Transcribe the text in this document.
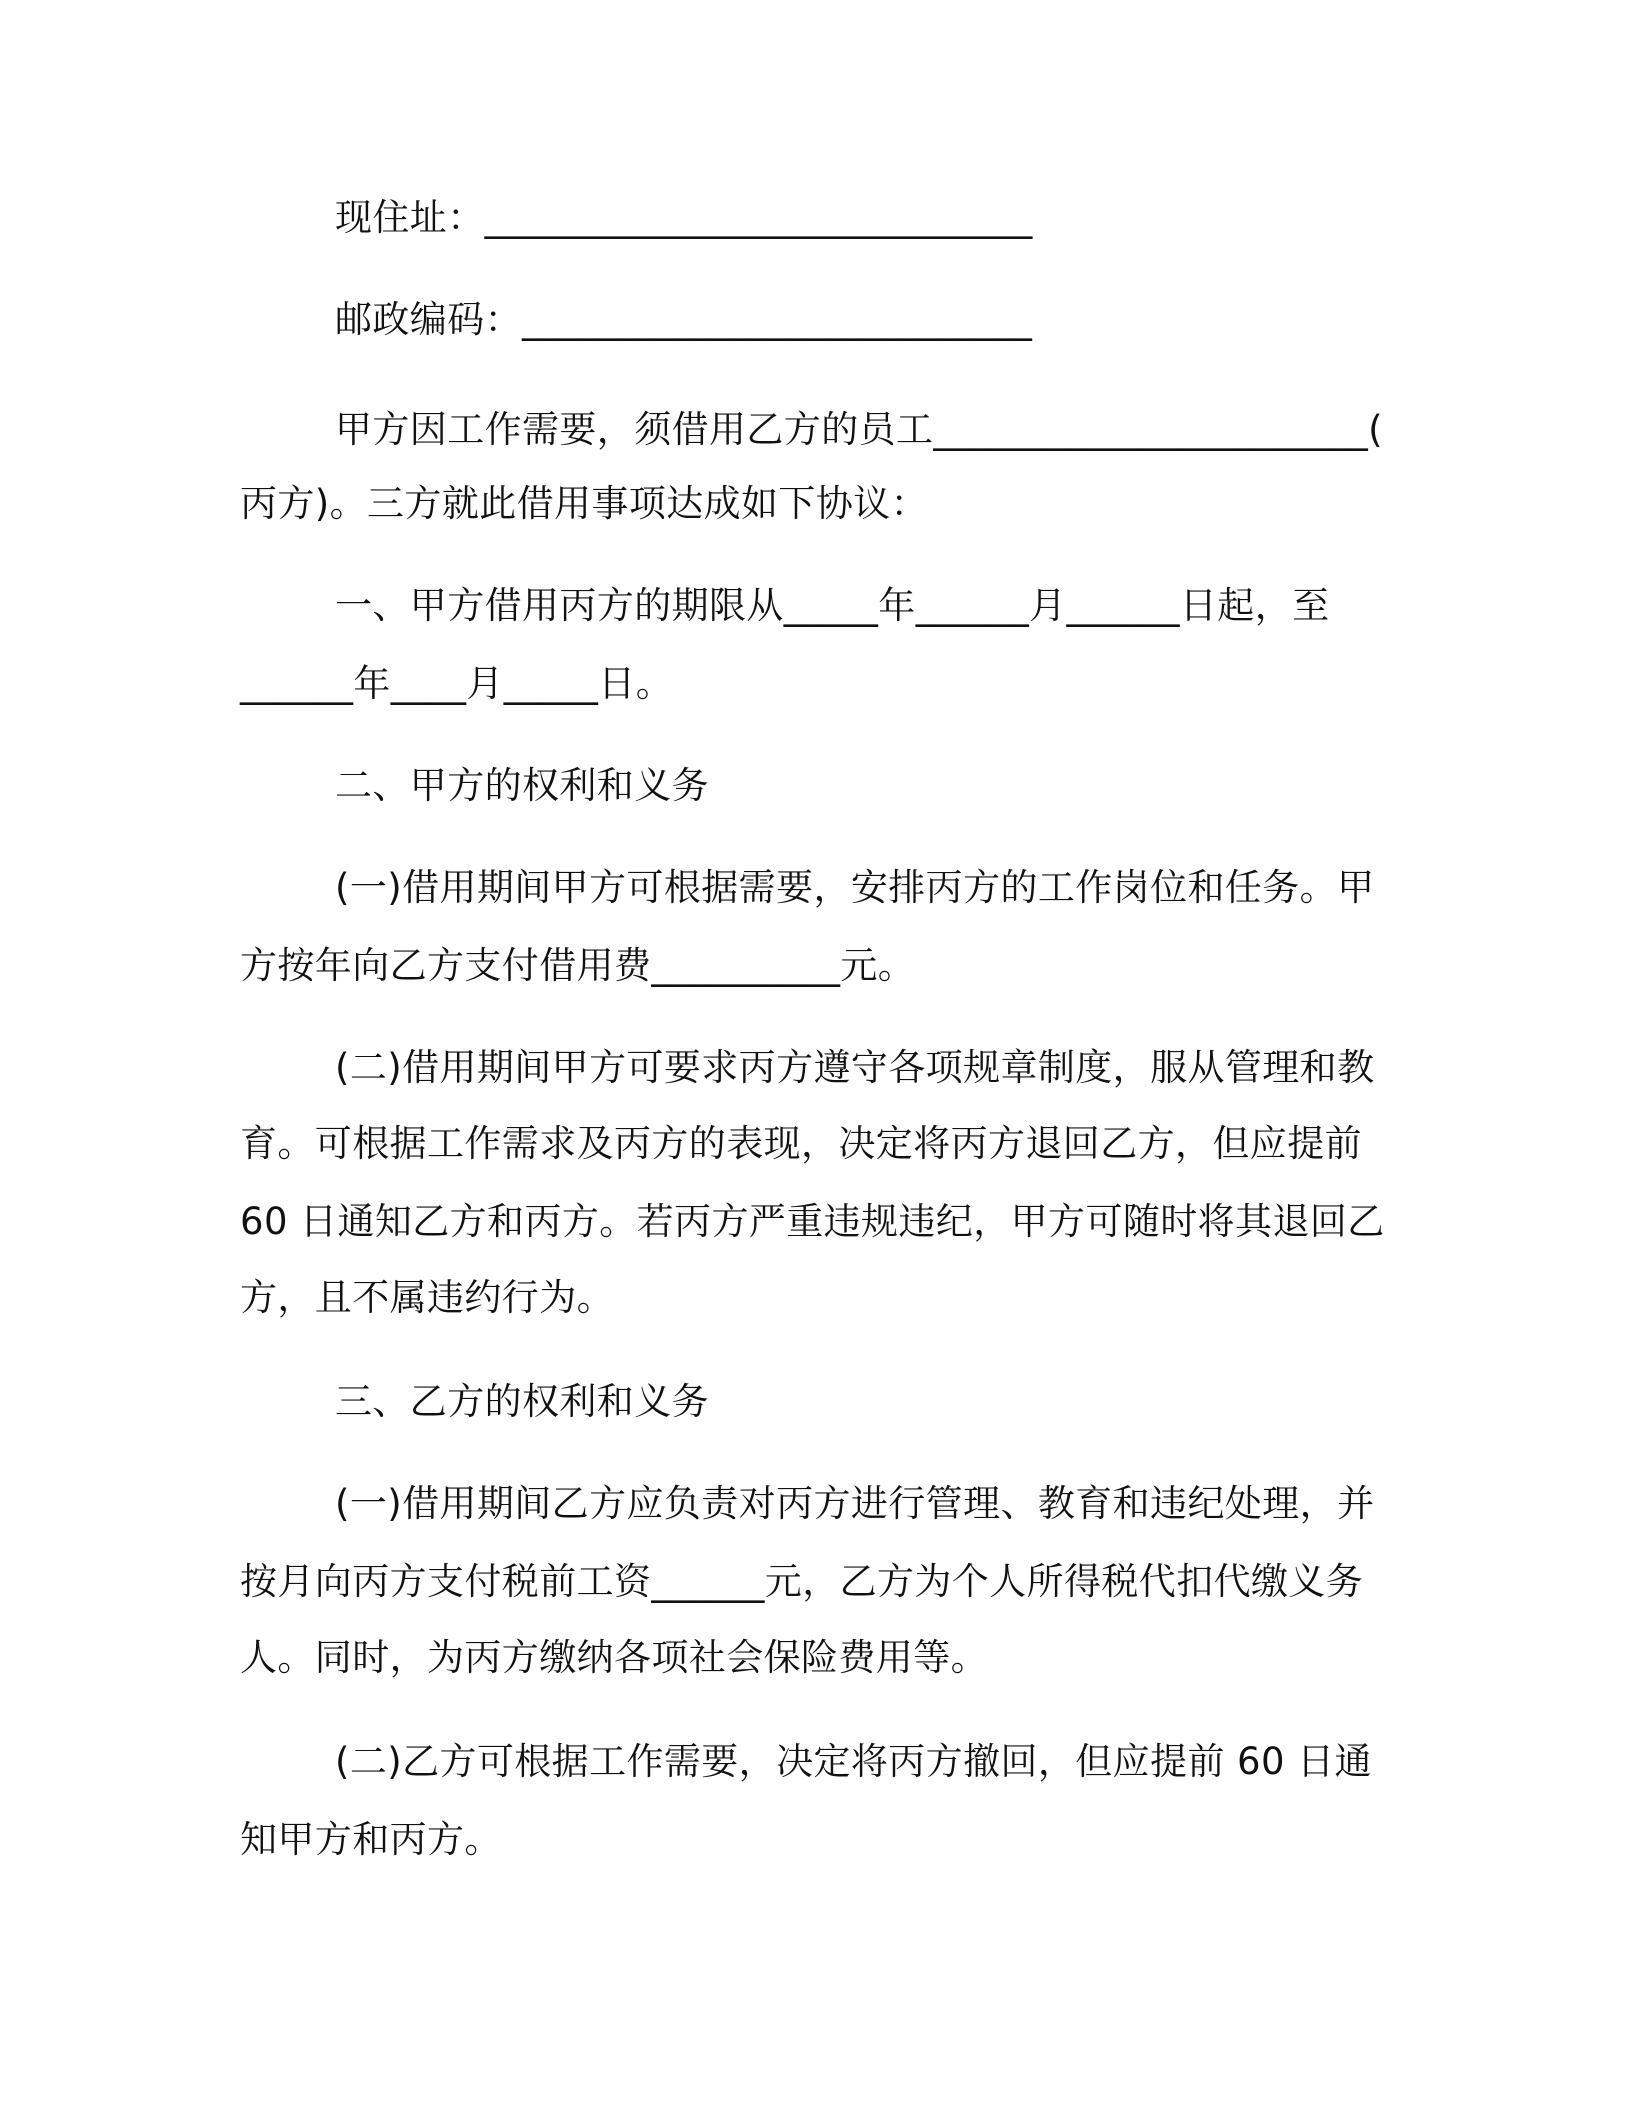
现住址：_____________________________
邮政编码：___________________________
甲方因工作需要，须借用乙方的员工_______________________(
丙方)。三方就此借用事项达成如下协议：
一、甲方借用丙方的期限从_____年______月______日起，至
______年____月_____日。
二、甲方的权利和义务
(一)借用期间甲方可根据需要，安排丙方的工作岗位和任务。甲
方按年向乙方支付借用费__________元。
(二)借用期间甲方可要求丙方遵守各项规章制度，服从管理和教
育。可根据工作需求及丙方的表现，决定将丙方退回乙方，但应提前
60 日通知乙方和丙方。若丙方严重违规违纪，甲方可随时将其退回乙
方，且不属违约行为。
三、乙方的权利和义务
(一)借用期间乙方应负责对丙方进行管理、教育和违纪处理，并
按月向丙方支付税前工资______元，乙方为个人所得税代扣代缴义务
人。同时，为丙方缴纳各项社会保险费用等。
(二)乙方可根据工作需要，决定将丙方撤回，但应提前 60 日通
知甲方和丙方。
